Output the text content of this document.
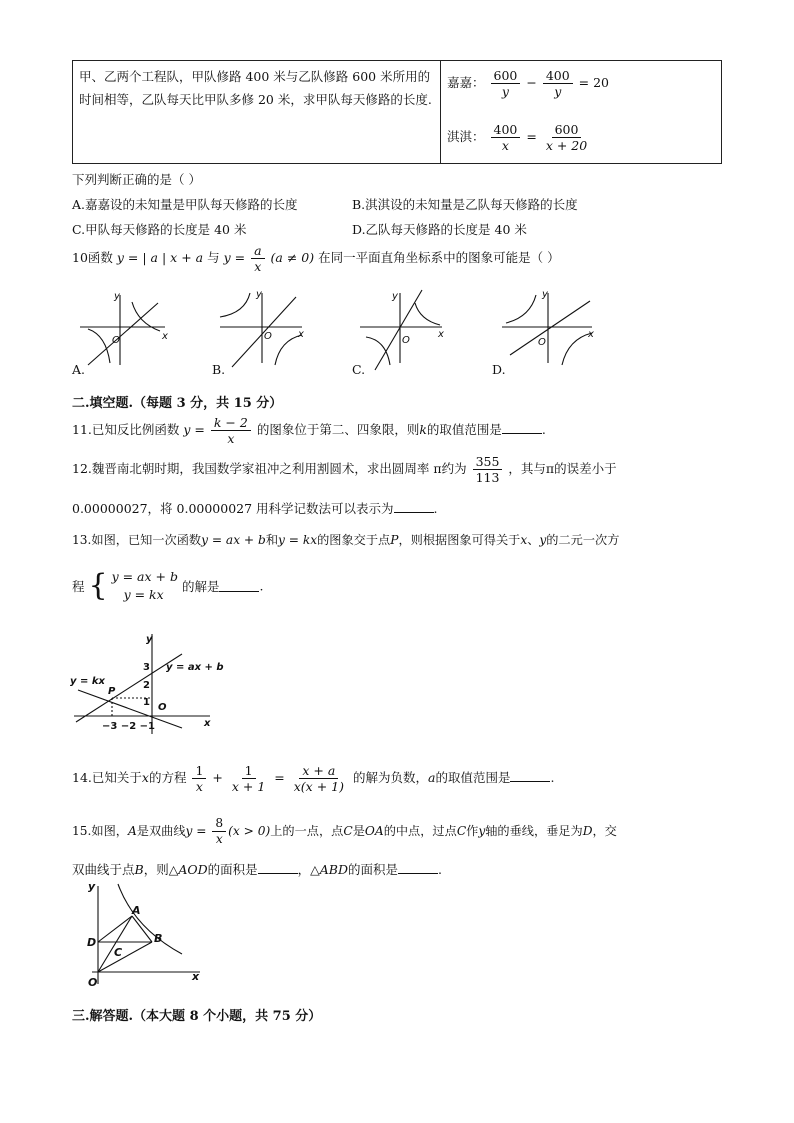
甲、乙两个工程队，甲队修路 400 米与乙队修路 600 米所用的时间相等，乙队每天比甲队多修 20 米，求甲队每天修路的长度.	
嘉嘉： $\frac{600}{y} - \frac{400}{y} = 20$
淇淇： $\frac{400}{x} = \frac{600}{x + 20}$
下列判断正确的是（ ）
A.嘉嘉设的未知量是甲队每天修路的长度	B.淇淇设的未知量是乙队每天修路的长度
C.甲队每天修路的长度是 40 米	D.乙队每天修路的长度是 40 米
10函数 y = | a | x + a 与 $y = \frac{a}{x} (a \ne 0)$ 在同一平面直角坐标系中的图象可能是（ ）
y
x
O
y
x
O
y
x
O
y
x
O
A.	B.	C.	D.
二.填空题.（每题 3 分，共 15 分）
11.已知反比例函数 $y = \frac{k - 2}{x}$ 的图象位于第二、四象限，则k的取值范围是	.
12.魏晋南北朝时期，我国数学家祖冲之利用割圆术，求出圆周率 π约为 $\frac{355}{113}$ ，其与π的误差小于
0.00000027，将 0.00000027 用科学记数法可以表示为	.
13.如图，已知一次函数y = ax + b和y = kx的图象交于点P，则根据图象可得关于x、y的二元一次方
程 { y = ax + b
y = kx
的解是	.
y
x
O
P
y = ax + b
y = kx
3
2
1
−3 −2 −1
14.已知关于x的方程 $\frac{1}{x} + \frac{1}{x + 1} = \frac{x + a}{x(x + 1)}$ 的解为负数，a的取值范围是	.
15.如图，A是双曲线$y = \frac{8}{x} (x > 0)$上的一点，点C是OA的中点，过点C作y轴的垂线，垂足为D，交
双曲线于点B，则△AOD的面积是	，△ABD的面积是	.
y
x
O
A
B
C
D
三.解答题.（本大题 8 个小题，共 75 分）
